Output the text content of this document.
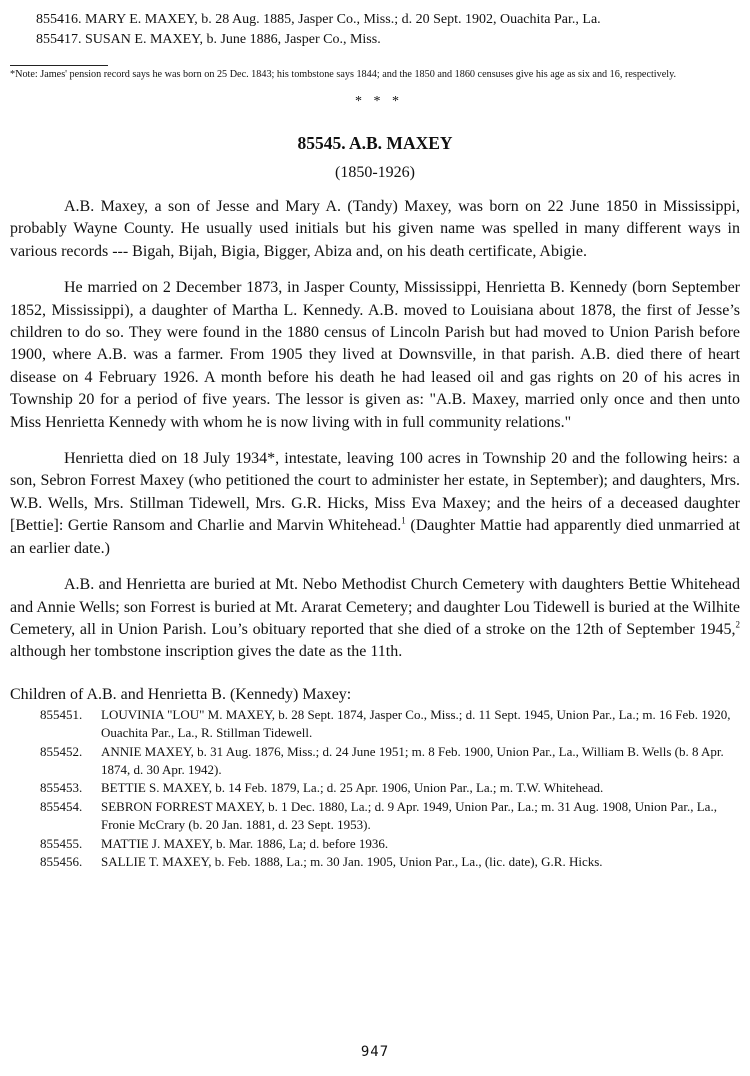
855416. MARY E. MAXEY, b. 28 Aug. 1885, Jasper Co., Miss.; d. 20 Sept. 1902, Ouachita Par., La.
855417. SUSAN E. MAXEY, b. June 1886, Jasper Co., Miss.
*Note: James' pension record says he was born on 25 Dec. 1843; his tombstone says 1844; and the 1850 and 1860 censuses give his age as six and 16, respectively.
* * *
85545. A.B. MAXEY
(1850-1926)

A.B. Maxey, a son of Jesse and Mary A. (Tandy) Maxey, was born on 22 June 1850 in Mississippi, probably Wayne County. He usually used initials but his given name was spelled in many different ways in various records --- Bigah, Bijah, Bigia, Bigger, Abiza and, on his death certificate, Abigie.

He married on 2 December 1873, in Jasper County, Mississippi, Henrietta B. Kennedy (born September 1852, Mississippi), a daughter of Martha L. Kennedy. A.B. moved to Louisiana about 1878, the first of Jesse’s children to do so. They were found in the 1880 census of Lincoln Parish but had moved to Union Parish before 1900, where A.B. was a farmer. From 1905 they lived at Downsville, in that parish. A.B. died there of heart disease on 4 February 1926. A month before his death he had leased oil and gas rights on 20 of his acres in Township 20 for a period of five years. The lessor is given as: "A.B. Maxey, married only once and then unto Miss Henrietta Kennedy with whom he is now living with in full community relations."

Henrietta died on 18 July 1934*, intestate, leaving 100 acres in Township 20 and the following heirs: a son, Sebron Forrest Maxey (who petitioned the court to administer her estate, in September); and daughters, Mrs. W.B. Wells, Mrs. Stillman Tidewell, Mrs. G.R. Hicks, Miss Eva Maxey; and the heirs of a deceased daughter [Bettie]: Gertie Ransom and Charlie and Marvin Whitehead.$^1$ (Daughter Mattie had apparently died unmarried at an earlier date.)

A.B. and Henrietta are buried at Mt. Nebo Methodist Church Cemetery with daughters Bettie Whitehead and Annie Wells; son Forrest is buried at Mt. Ararat Cemetery; and daughter Lou Tidewell is buried at the Wilhite Cemetery, all in Union Parish. Lou’s obituary reported that she died of a stroke on the 12th of September 1945,$^2$ although her tombstone inscription gives the date as the 11th.

Children of A.B. and Henrietta B. (Kennedy) Maxey:
855451. LOUVINIA "LOU" M. MAXEY, b. 28 Sept. 1874, Jasper Co., Miss.; d. 11 Sept. 1945, Union Par., La.; m. 16 Feb. 1920, Ouachita Par., La., R. Stillman Tidewell.
855452. ANNIE MAXEY, b. 31 Aug. 1876, Miss.; d. 24 June 1951; m. 8 Feb. 1900, Union Par., La., William B. Wells (b. 8 Apr. 1874, d. 30 Apr. 1942).
855453. BETTIE S. MAXEY, b. 14 Feb. 1879, La.; d. 25 Apr. 1906, Union Par., La.; m. T.W. Whitehead.
855454. SEBRON FORREST MAXEY, b. 1 Dec. 1880, La.; d. 9 Apr. 1949, Union Par., La.; m. 31 Aug. 1908, Union Par., La., Fronie McCrary (b. 20 Jan. 1881, d. 23 Sept. 1953).
855455. MATTIE J. MAXEY, b. Mar. 1886, La; d. before 1936.
855456. SALLIE T. MAXEY, b. Feb. 1888, La.; m. 30 Jan. 1905, Union Par., La., (lic. date), G.R. Hicks.
947
